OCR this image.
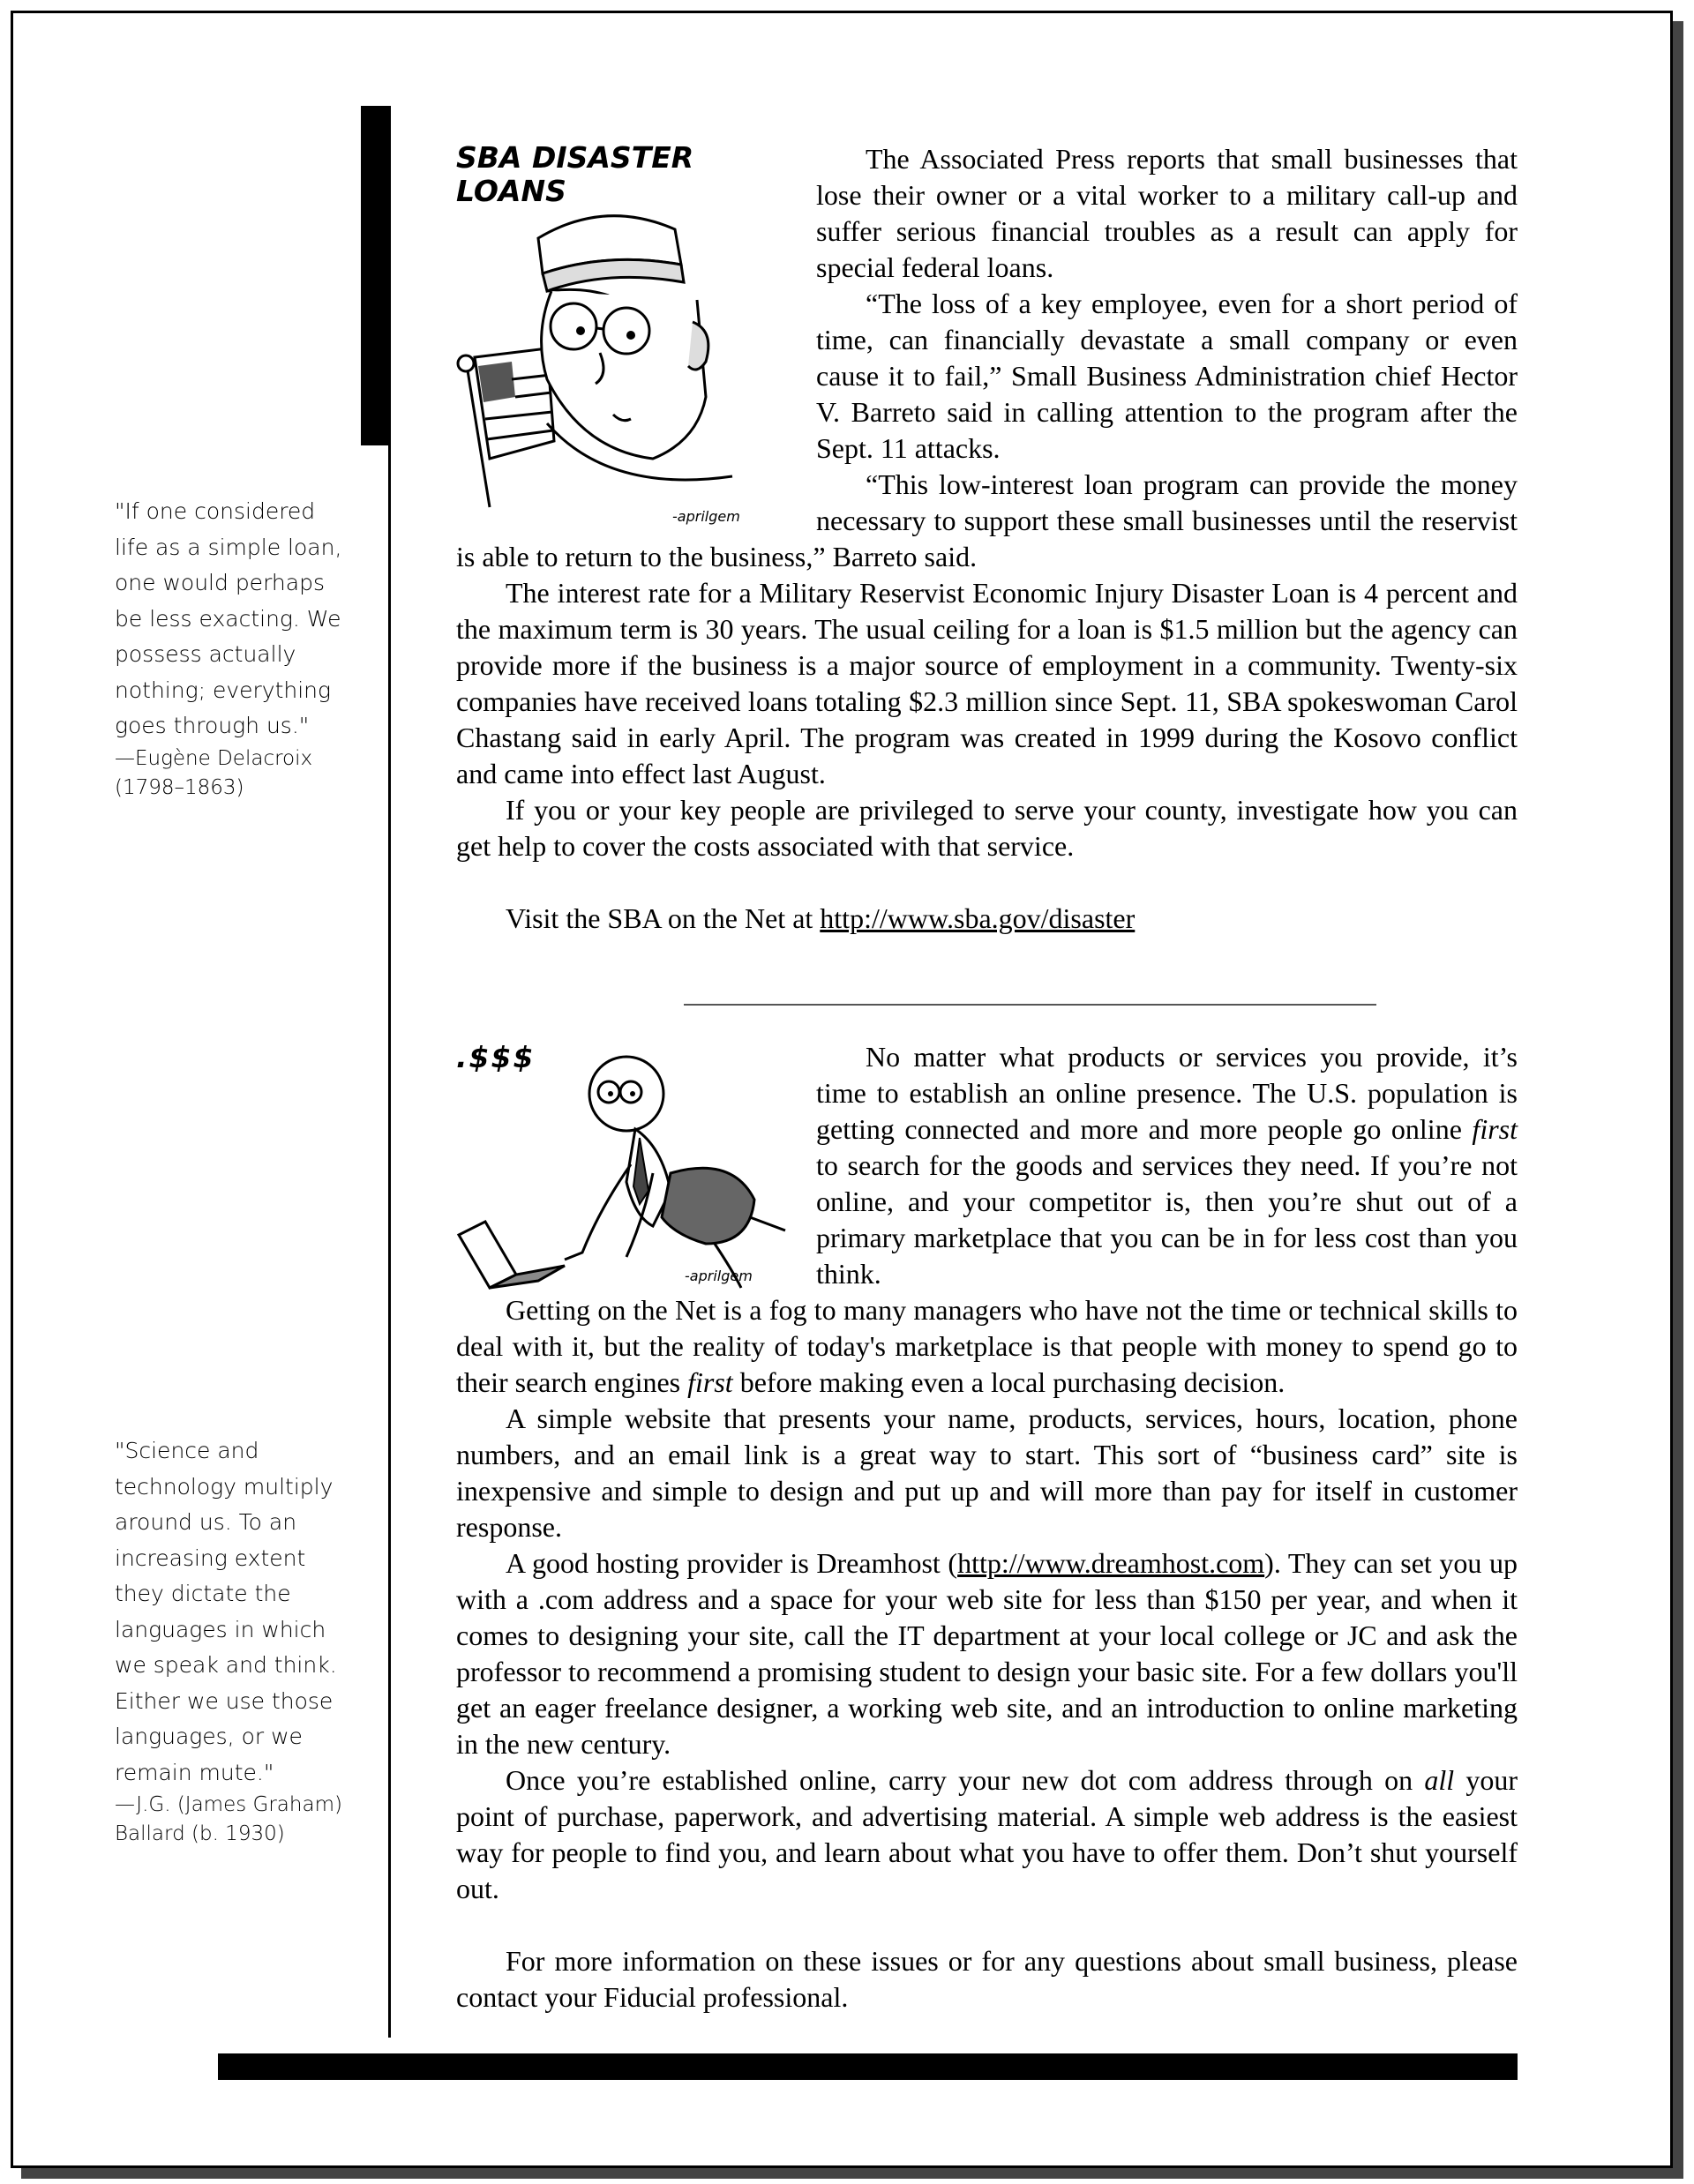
"If one considered life as a simple loan, one would perhaps be less exacting. We possess actually nothing; everything goes through us."
—Eugène Delacroix (1798–1863)
"Science and technology multiply around us. To an increasing extent they dictate the languages in which we speak and think. Either we use those languages, or we remain mute."
—J.G. (James Graham) Ballard (b. 1930)
SBA DISASTER LOANS
-aprilgem

The Associated Press reports that small businesses that lose their owner or a vital worker to a military call-up and suffer serious financial troubles as a result can apply for special federal loans.

“The loss of a key employee, even for a short period of time, can financially devastate a small company or even cause it to fail,” Small Business Administration chief Hector V. Barreto said in calling attention to the program after the Sept. 11 attacks.

“This low-interest loan program can provide the money necessary to support these small businesses until the reservist is able to return to the business,” Barreto said.

The interest rate for a Military Reservist Economic Injury Disaster Loan is 4 percent and the maximum term is 30 years. The usual ceiling for a loan is $1.5 million but the agency can provide more if the business is a major source of employment in a community. Twenty-six companies have received loans totaling $2.3 million since Sept. 11, SBA spokeswoman Carol Chastang said in early April. The program was created in 1999 during the Kosovo conflict and came into effect last August.

If you or your key people are privileged to serve your county, investigate how you can get help to cover the costs associated with that service.

Visit the SBA on the Net at http://www.sba.gov/disaster

.$$$
-aprilgem

No matter what products or services you provide, it’s time to establish an online presence. The U.S. population is getting connected and more and more people go online first to search for the goods and services they need. If you’re not online, and your competitor is, then you’re shut out of a primary marketplace that you can be in for less cost than you think.

Getting on the Net is a fog to many managers who have not the time or technical skills to deal with it, but the reality of today's marketplace is that people with money to spend go to their search engines first before making even a local purchasing decision.

A simple website that presents your name, products, services, hours, location, phone numbers, and an email link is a great way to start. This sort of “business card” site is inexpensive and simple to design and put up and will more than pay for itself in customer response.

A good hosting provider is Dreamhost (http://www.dreamhost.com). They can set you up with a .com address and a space for your web site for less than $150 per year, and when it comes to designing your site, call the IT department at your local college or JC and ask the professor to recommend a promising student to design your basic site. For a few dollars you'll get an eager freelance designer, a working web site, and an introduction to online marketing in the new century.

Once you’re established online, carry your new dot com address through on all your point of purchase, paperwork, and advertising material. A simple web address is the easiest way for people to find you, and learn about what you have to offer them. Don’t shut yourself out.

For more information on these issues or for any questions about small business, please contact your Fiducial professional.
